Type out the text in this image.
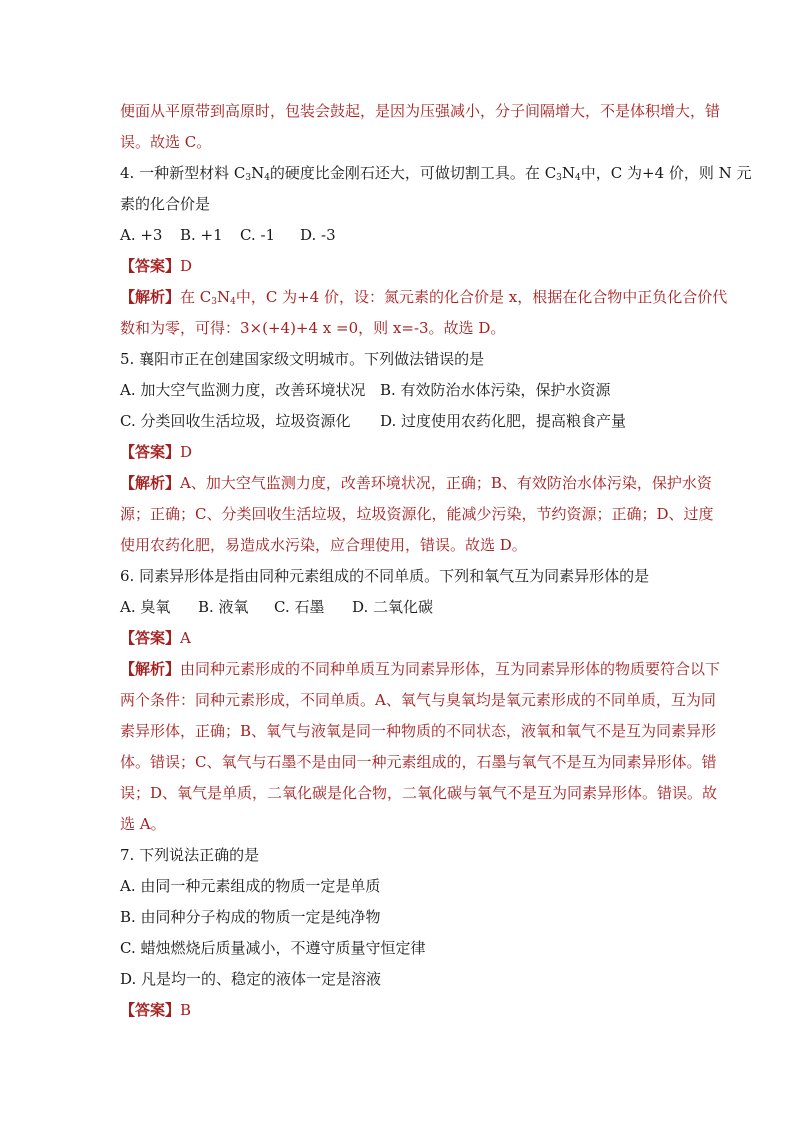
便面从平原带到高原时，包装会鼓起，是因为压强减小，分子间隔增大，不是体积增大，错
误。故选 C。
4. 一种新型材料 $C_3N_4$的硬度比金刚石还大，可做切割工具。在 $C_3N_4$中，C 为+4 价，则 N 元
素的化合价是
A. +3 B. +1 C. -1 D. -3
【答案】D
【解析】在 $C_3N_4$中，C 为+4 价，设：氮元素的化合价是 x，根据在化合物中正负化合价代
数和为零，可得：3×(+4)+4 x =0，则 x=-3。故选 D。
5. 襄阳市正在创建国家级文明城市。下列做法错误的是
A. 加大空气监测力度，改善环境状况 B. 有效防治水体污染，保护水资源
C. 分类回收生活垃圾，垃圾资源化 D. 过度使用农药化肥，提高粮食产量
【答案】D
【解析】A、加大空气监测力度，改善环境状况，正确；B、有效防治水体污染，保护水资
源；正确；C、分类回收生活垃圾，垃圾资源化，能减少污染，节约资源；正确；D、过度
使用农药化肥，易造成水污染，应合理使用，错误。故选 D。
6. 同素异形体是指由同种元素组成的不同单质。下列和氧气互为同素异形体的是
A. 臭氧 B. 液氧 C. 石墨 D. 二氧化碳
【答案】A
【解析】由同种元素形成的不同种单质互为同素异形体，互为同素异形体的物质要符合以下
两个条件：同种元素形成，不同单质。A、氧气与臭氧均是氧元素形成的不同单质，互为同
素异形体，正确；B、氧气与液氧是同一种物质的不同状态，液氧和氧气不是互为同素异形
体。错误；C、氧气与石墨不是由同一种元素组成的，石墨与氧气不是互为同素异形体。错
误；D、氧气是单质，二氧化碳是化合物，二氧化碳与氧气不是互为同素异形体。错误。故
选 A。
7. 下列说法正确的是
A. 由同一种元素组成的物质一定是单质
B. 由同种分子构成的物质一定是纯净物
C. 蜡烛燃烧后质量减小，不遵守质量守恒定律
D. 凡是均一的、稳定的液体一定是溶液
【答案】B
